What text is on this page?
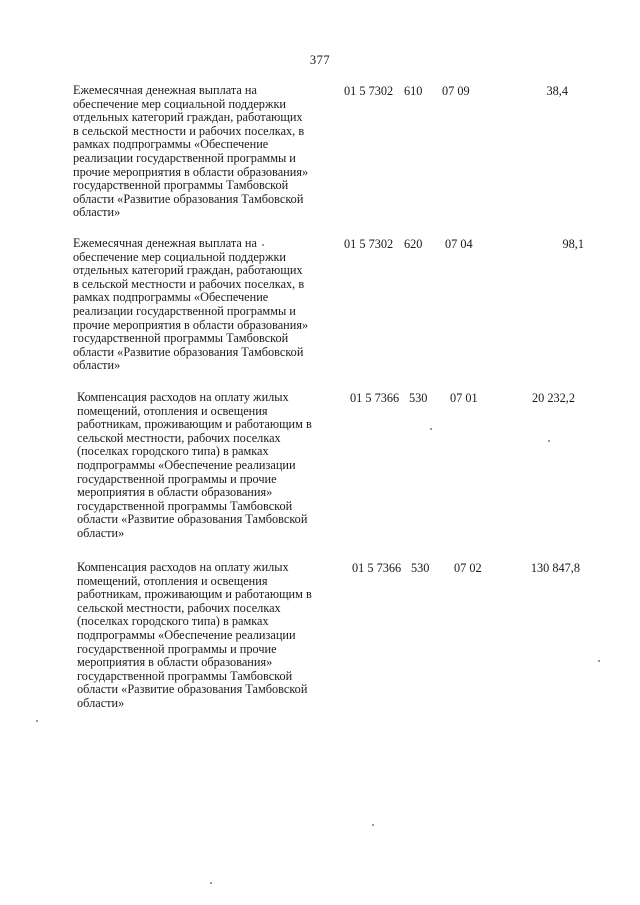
377
Ежемесячная денежная выплата на
обеспечение мер социальной поддержки
отдельных категорий граждан, работающих
в сельской местности и рабочих поселках, в
рамках подпрограммы «Обеспечение
реализации государственной программы и
прочие мероприятия в области образования»
государственной программы Тамбовской
области «Развитие образования Тамбовской
области»
01 5 7302 610 07 09	38,4
Ежемесячная денежная выплата на
обеспечение мер социальной поддержки
отдельных категорий граждан, работающих
в сельской местности и рабочих поселках, в
рамках подпрограммы «Обеспечение
реализации государственной программы и
прочие мероприятия в области образования»
государственной программы Тамбовской
области «Развитие образования Тамбовской
области»
01 5 7302 620 07 04	98,1
Компенсация расходов на оплату жилых
помещений, отопления и освещения
работникам, проживающим и работающим в
сельской местности, рабочих поселках
(поселках городского типа) в рамках
подпрограммы «Обеспечение реализации
государственной программы и прочие
мероприятия в области образования»
государственной программы Тамбовской
области «Развитие образования Тамбовской
области»
01 5 7366 530 07 01	20 232,2
Компенсация расходов на оплату жилых
помещений, отопления и освещения
работникам, проживающим и работающим в
сельской местности, рабочих поселках
(поселках городского типа) в рамках
подпрограммы «Обеспечение реализации
государственной программы и прочие
мероприятия в области образования»
государственной программы Тамбовской
области «Развитие образования Тамбовской
области»
01 5 7366 530 07 02	130 847,8
